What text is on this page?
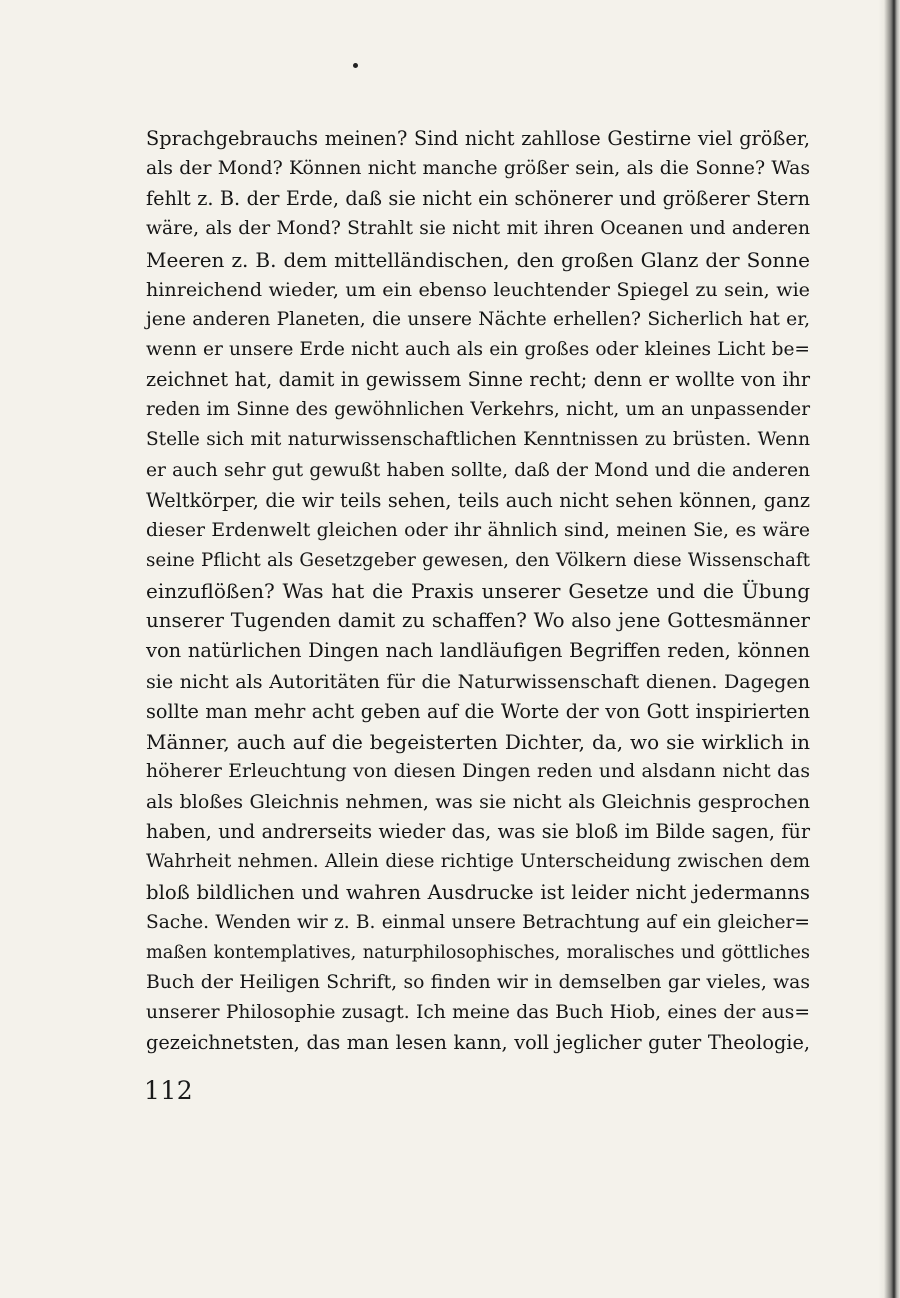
Sprachgebrauchs meinen? Sind nicht zahllose Gestirne viel größer,
als der Mond? Können nicht manche größer sein, als die Sonne? Was
fehlt z. B. der Erde, daß sie nicht ein schönerer und größerer Stern
wäre, als der Mond? Strahlt sie nicht mit ihren Oceanen und anderen
Meeren z. B. dem mittelländischen, den großen Glanz der Sonne
hinreichend wieder, um ein ebenso leuchtender Spiegel zu sein, wie
jene anderen Planeten, die unsere Nächte erhellen? Sicherlich hat er,
wenn er unsere Erde nicht auch als ein großes oder kleines Licht be=
zeichnet hat, damit in gewissem Sinne recht; denn er wollte von ihr
reden im Sinne des gewöhnlichen Verkehrs, nicht, um an unpassender
Stelle sich mit naturwissenschaftlichen Kenntnissen zu brüsten. Wenn
er auch sehr gut gewußt haben sollte, daß der Mond und die anderen
Weltkörper, die wir teils sehen, teils auch nicht sehen können, ganz
dieser Erdenwelt gleichen oder ihr ähnlich sind, meinen Sie, es wäre
seine Pflicht als Gesetzgeber gewesen, den Völkern diese Wissenschaft
einzuflößen? Was hat die Praxis unserer Gesetze und die Übung
unserer Tugenden damit zu schaffen? Wo also jene Gottesmänner
von natürlichen Dingen nach landläufigen Begriffen reden, können
sie nicht als Autoritäten für die Naturwissenschaft dienen. Dagegen
sollte man mehr acht geben auf die Worte der von Gott inspirierten
Männer, auch auf die begeisterten Dichter, da, wo sie wirklich in
höherer Erleuchtung von diesen Dingen reden und alsdann nicht das
als bloßes Gleichnis nehmen, was sie nicht als Gleichnis gesprochen
haben, und andrerseits wieder das, was sie bloß im Bilde sagen, für
Wahrheit nehmen. Allein diese richtige Unterscheidung zwischen dem
bloß bildlichen und wahren Ausdrucke ist leider nicht jedermanns
Sache. Wenden wir z. B. einmal unsere Betrachtung auf ein gleicher=
maßen kontemplatives, naturphilosophisches, moralisches und göttliches
Buch der Heiligen Schrift, so finden wir in demselben gar vieles, was
unserer Philosophie zusagt. Ich meine das Buch Hiob, eines der aus=
gezeichnetsten, das man lesen kann, voll jeglicher guter Theologie,
112
